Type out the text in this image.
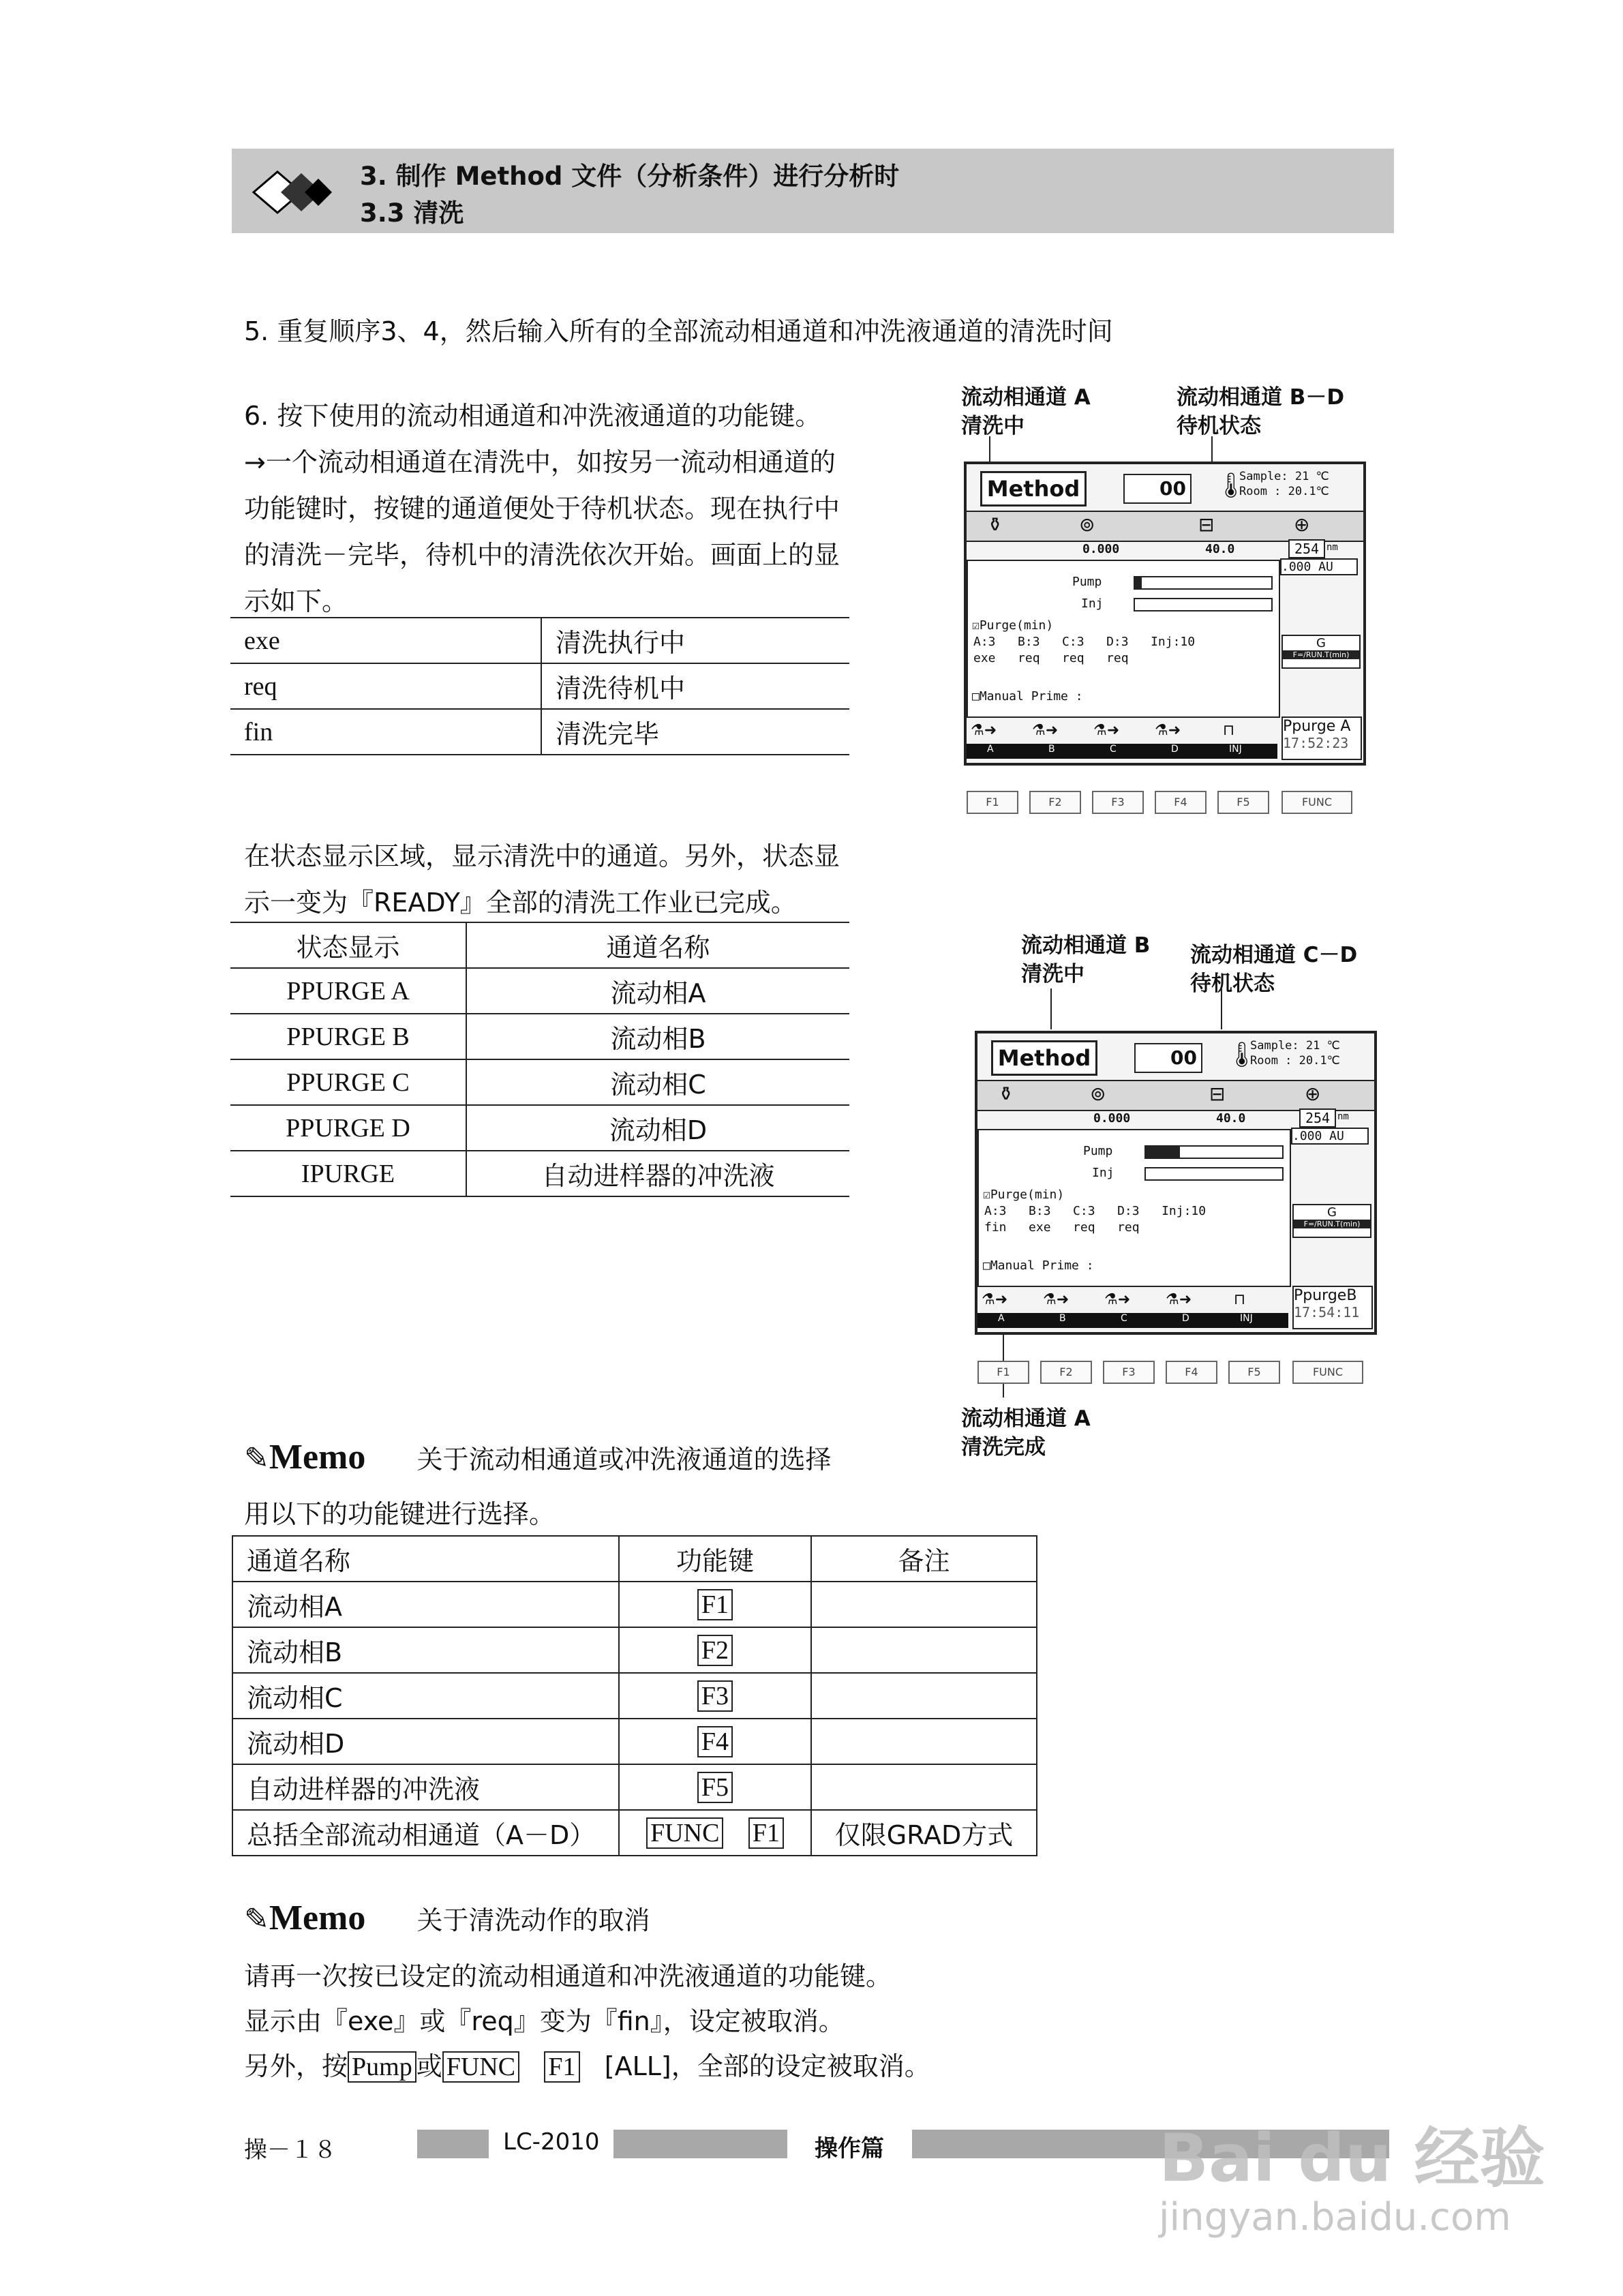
3. 制作 Method 文件（分析条件）进行分析时
3.3 清洗
5. 重复顺序3、4，然后输入所有的全部流动相通道和冲洗液通道的清洗时间
6. 按下使用的流动相通道和冲洗液通道的功能键。
→一个流动相通道在清洗中，如按另一流动相通道的
功能键时，按键的通道便处于待机状态。现在执行中
的清洗－完毕，待机中的清洗依次开始。画面上的显
示如下。
exe	清洗执行中
req	清洗待机中
fin	清洗完毕
在状态显示区域，显示清洗中的通道。另外，状态显
示一变为『READY』全部的清洗工作业已完成。
状态显示	通道名称
PPURGE A	流动相A
PPURGE B	流动相B
PPURGE C	流动相C
PPURGE D	流动相D
IPURGE	自动进样器的冲洗液
流动相通道 A
清洗中
流动相通道 B－D
待机状态
Method	00 🌡
Sample: 21 ℃
Room : 20.1℃
⚱	⊚	⊟	⊕
0.000	40.0	254 nm
.000 AU
Pump
Inj
☑Purge(min)
A:3   B:3   C:3   D:3   Inj:10
exe   req   req   req
□Manual Prime :
G
F=/RUN.T(min)
Ppurge A
17:52:23
⚗➜ ⚗➜ ⚗➜ ⚗➜	⊓
A	B	C	D	INJ
F1	F2	F3	F4	F5	FUNC
流动相通道 B
清洗中
流动相通道 C－D
待机状态
Method	00 🌡
Sample: 21 ℃
Room : 20.1℃
⚱	⊚	⊟	⊕
0.000	40.0	254 nm
.000 AU
Pump
Inj
☑Purge(min)
A:3   B:3   C:3   D:3   Inj:10
fin   exe   req   req
□Manual Prime :
G
F=/RUN.T(min)
PpurgeB
17:54:11
⚗➜ ⚗➜ ⚗➜ ⚗➜	⊓
A	B	C	D	INJ
F1	F2	F3	F4	F5	FUNC
流动相通道 A
清洗完成
✎Memo 关于流动相通道或冲洗液通道的选择
用以下的功能键进行选择。
通道名称	功能键	备注
流动相A	F1	
流动相B	F2	
流动相C	F3	
流动相D	F4	
自动进样器的冲洗液	F5	
总括全部流动相通道（A－D）	FUNC F1	仅限GRAD方式
✎Memo 关于清洗动作的取消
请再一次按已设定的流动相通道和冲洗液通道的功能键。
显示由『exe』或『req』变为『fin』，设定被取消。
另外，按 Pump 或 FUNC F1 [ALL]，全部的设定被取消。
操－１８	LC-2010	操作篇	Bai du 经验
jingyan.baidu.com
